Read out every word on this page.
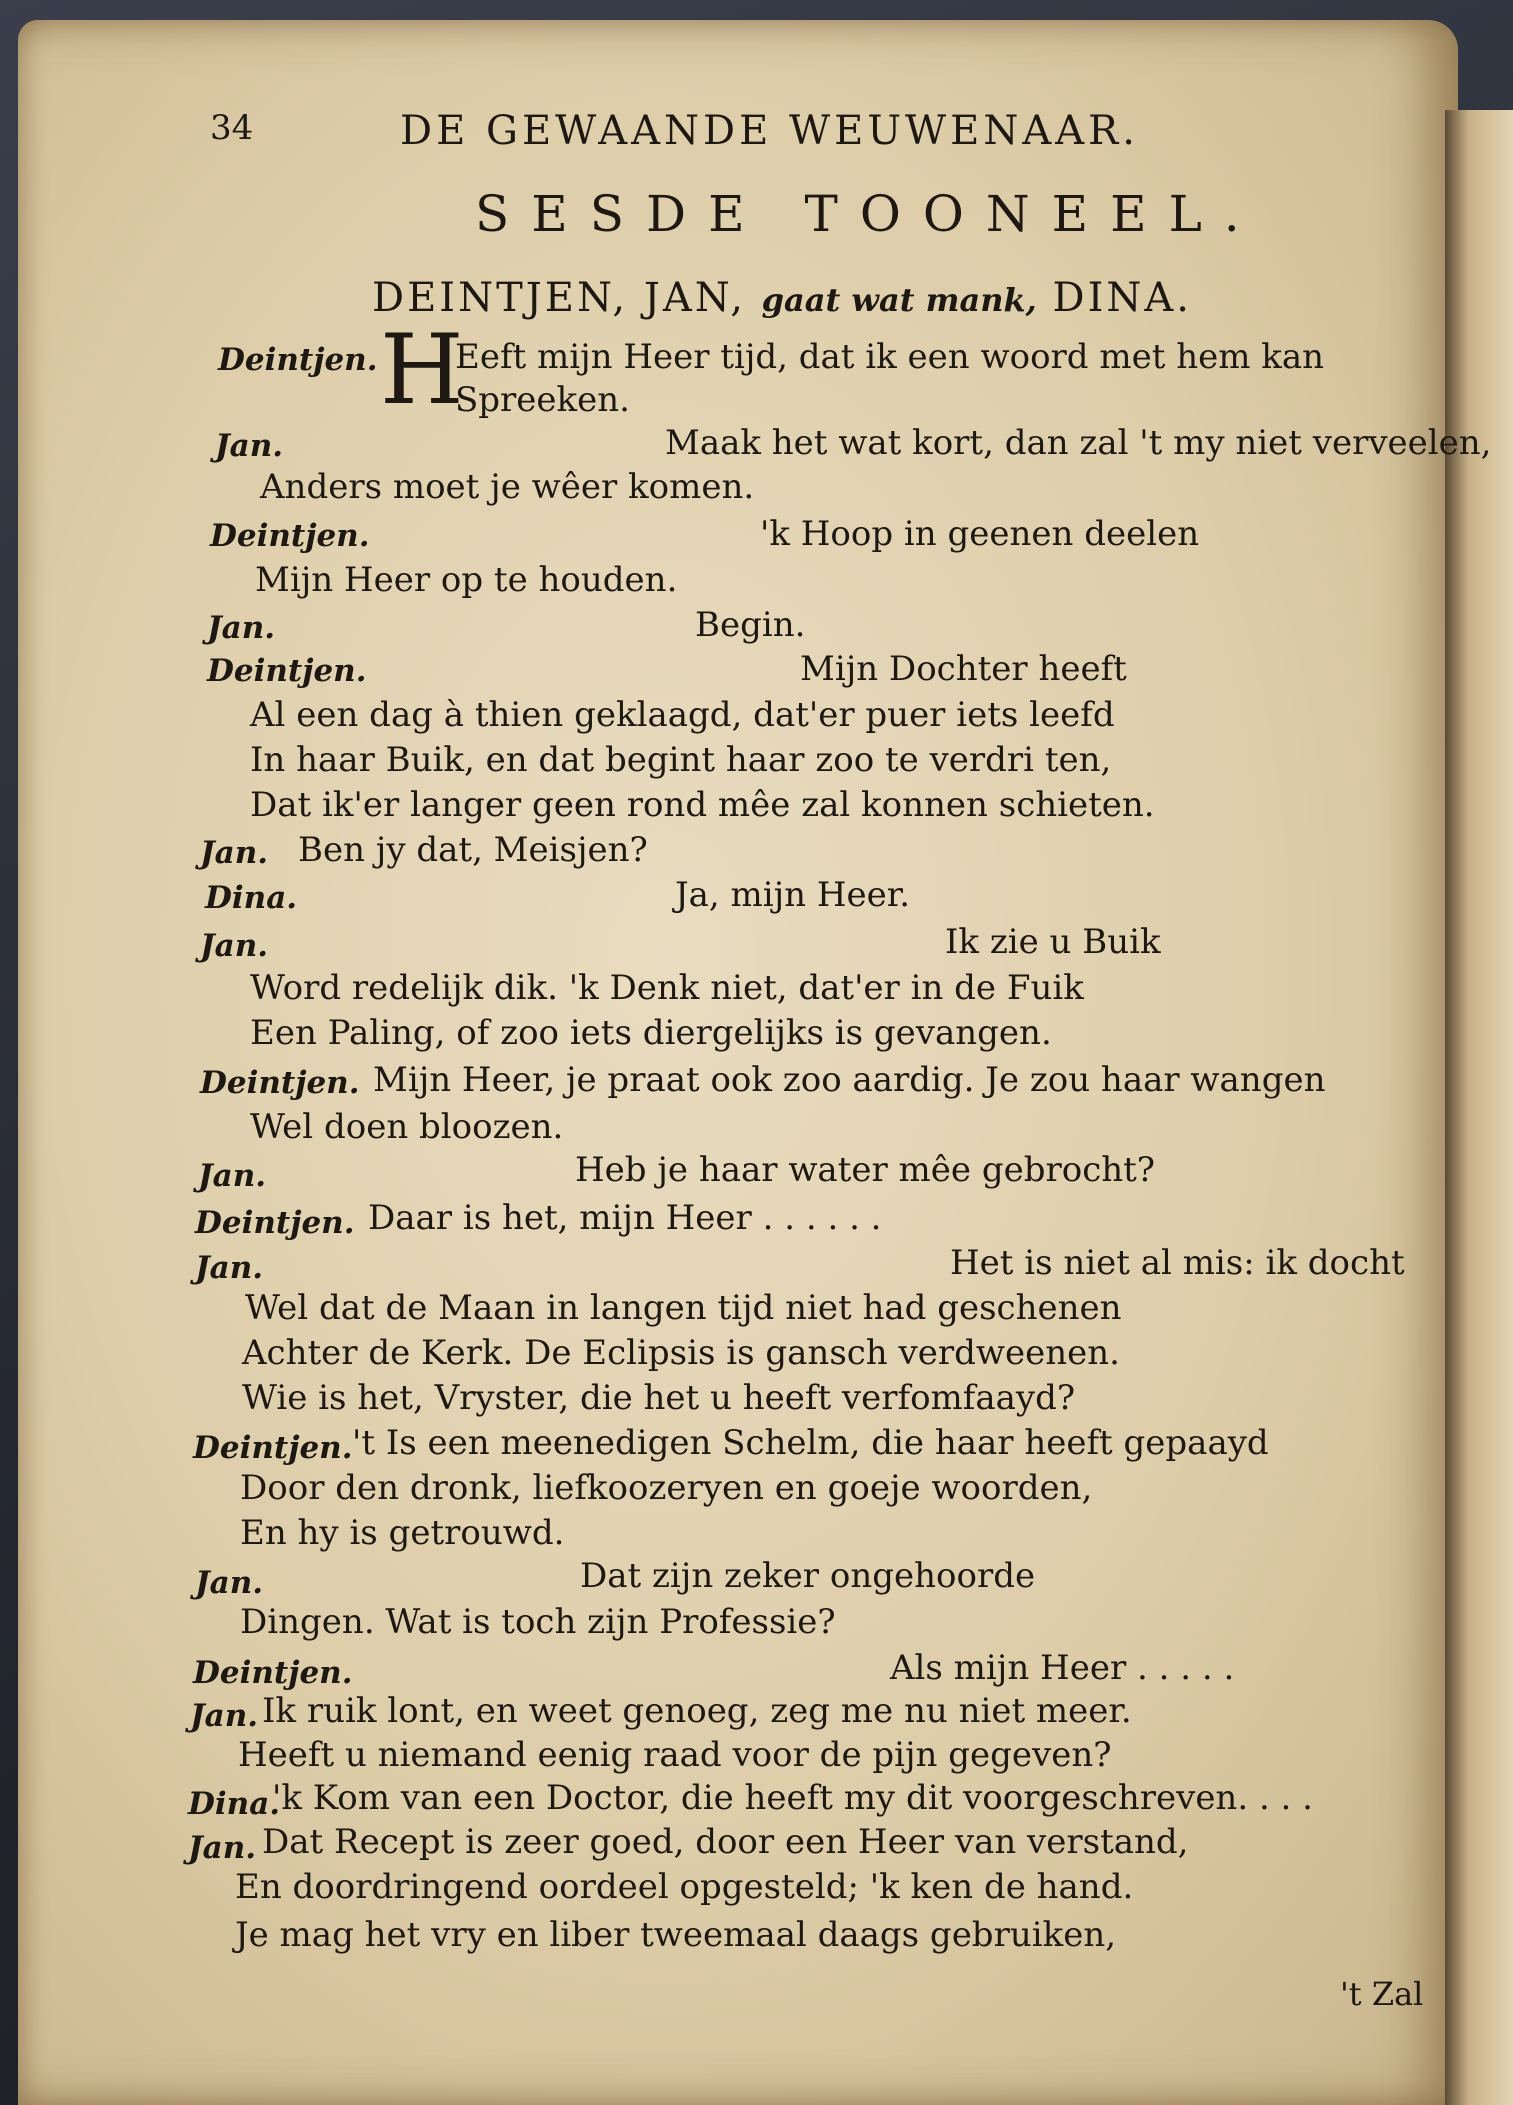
34	DE GEWAANDE WEUWENAAR.
SESDE TOONEEL.
DEINTJEN, JAN, gaat wat mank, DINA.
Deintjen. H
Eeft mijn Heer tijd, dat ik een woord met hem kan
Spreeken.
Jan.	Maak het wat kort, dan zal 't my niet verveelen,
Anders moet je wêer komen.
Deintjen.	'k Hoop in geenen deelen
Mijn Heer op te houden.
Jan.	Begin.
Deintjen.	Mijn Dochter heeft
Al een dag à thien geklaagd, dat'er puer iets leefd
In haar Buik, en dat begint haar zoo te verdri ten,
Dat ik'er langer geen rond mêe zal konnen schieten.
Jan. Ben jy dat, Meisjen?
Dina.	Ja, mijn Heer.
Jan.	Ik zie u Buik
Word redelijk dik. 'k Denk niet, dat'er in de Fuik
Een Paling, of zoo iets diergelijks is gevangen.
Deintjen. Mijn Heer, je praat ook zoo aardig. Je zou haar wangen
Wel doen bloozen.
Jan.	Heb je haar water mêe gebrocht?
Deintjen. Daar is het, mijn Heer . . . . . .
Jan.	Het is niet al mis: ik docht
Wel dat de Maan in langen tijd niet had geschenen
Achter de Kerk. De Eclipsis is gansch verdweenen.
Wie is het, Vryster, die het u heeft verfomfaayd?
Deintjen. 't Is een meenedigen Schelm, die haar heeft gepaayd
Door den dronk, liefkoozeryen en goeje woorden,
En hy is getrouwd.
Jan.	Dat zijn zeker ongehoorde
Dingen. Wat is toch zijn Professie?
Deintjen.	Als mijn Heer . . . . .
Jan. Ik ruik lont, en weet genoeg, zeg me nu niet meer.
Heeft u niemand eenig raad voor de pijn gegeven?
Dina.
'k Kom van een Doctor, die heeft my dit voorgeschreven. . . .
Jan. Dat Recept is zeer goed, door een Heer van verstand,
En doordringend oordeel opgesteld; 'k ken de hand.
Je mag het vry en liber tweemaal daags gebruiken,
't Zal
